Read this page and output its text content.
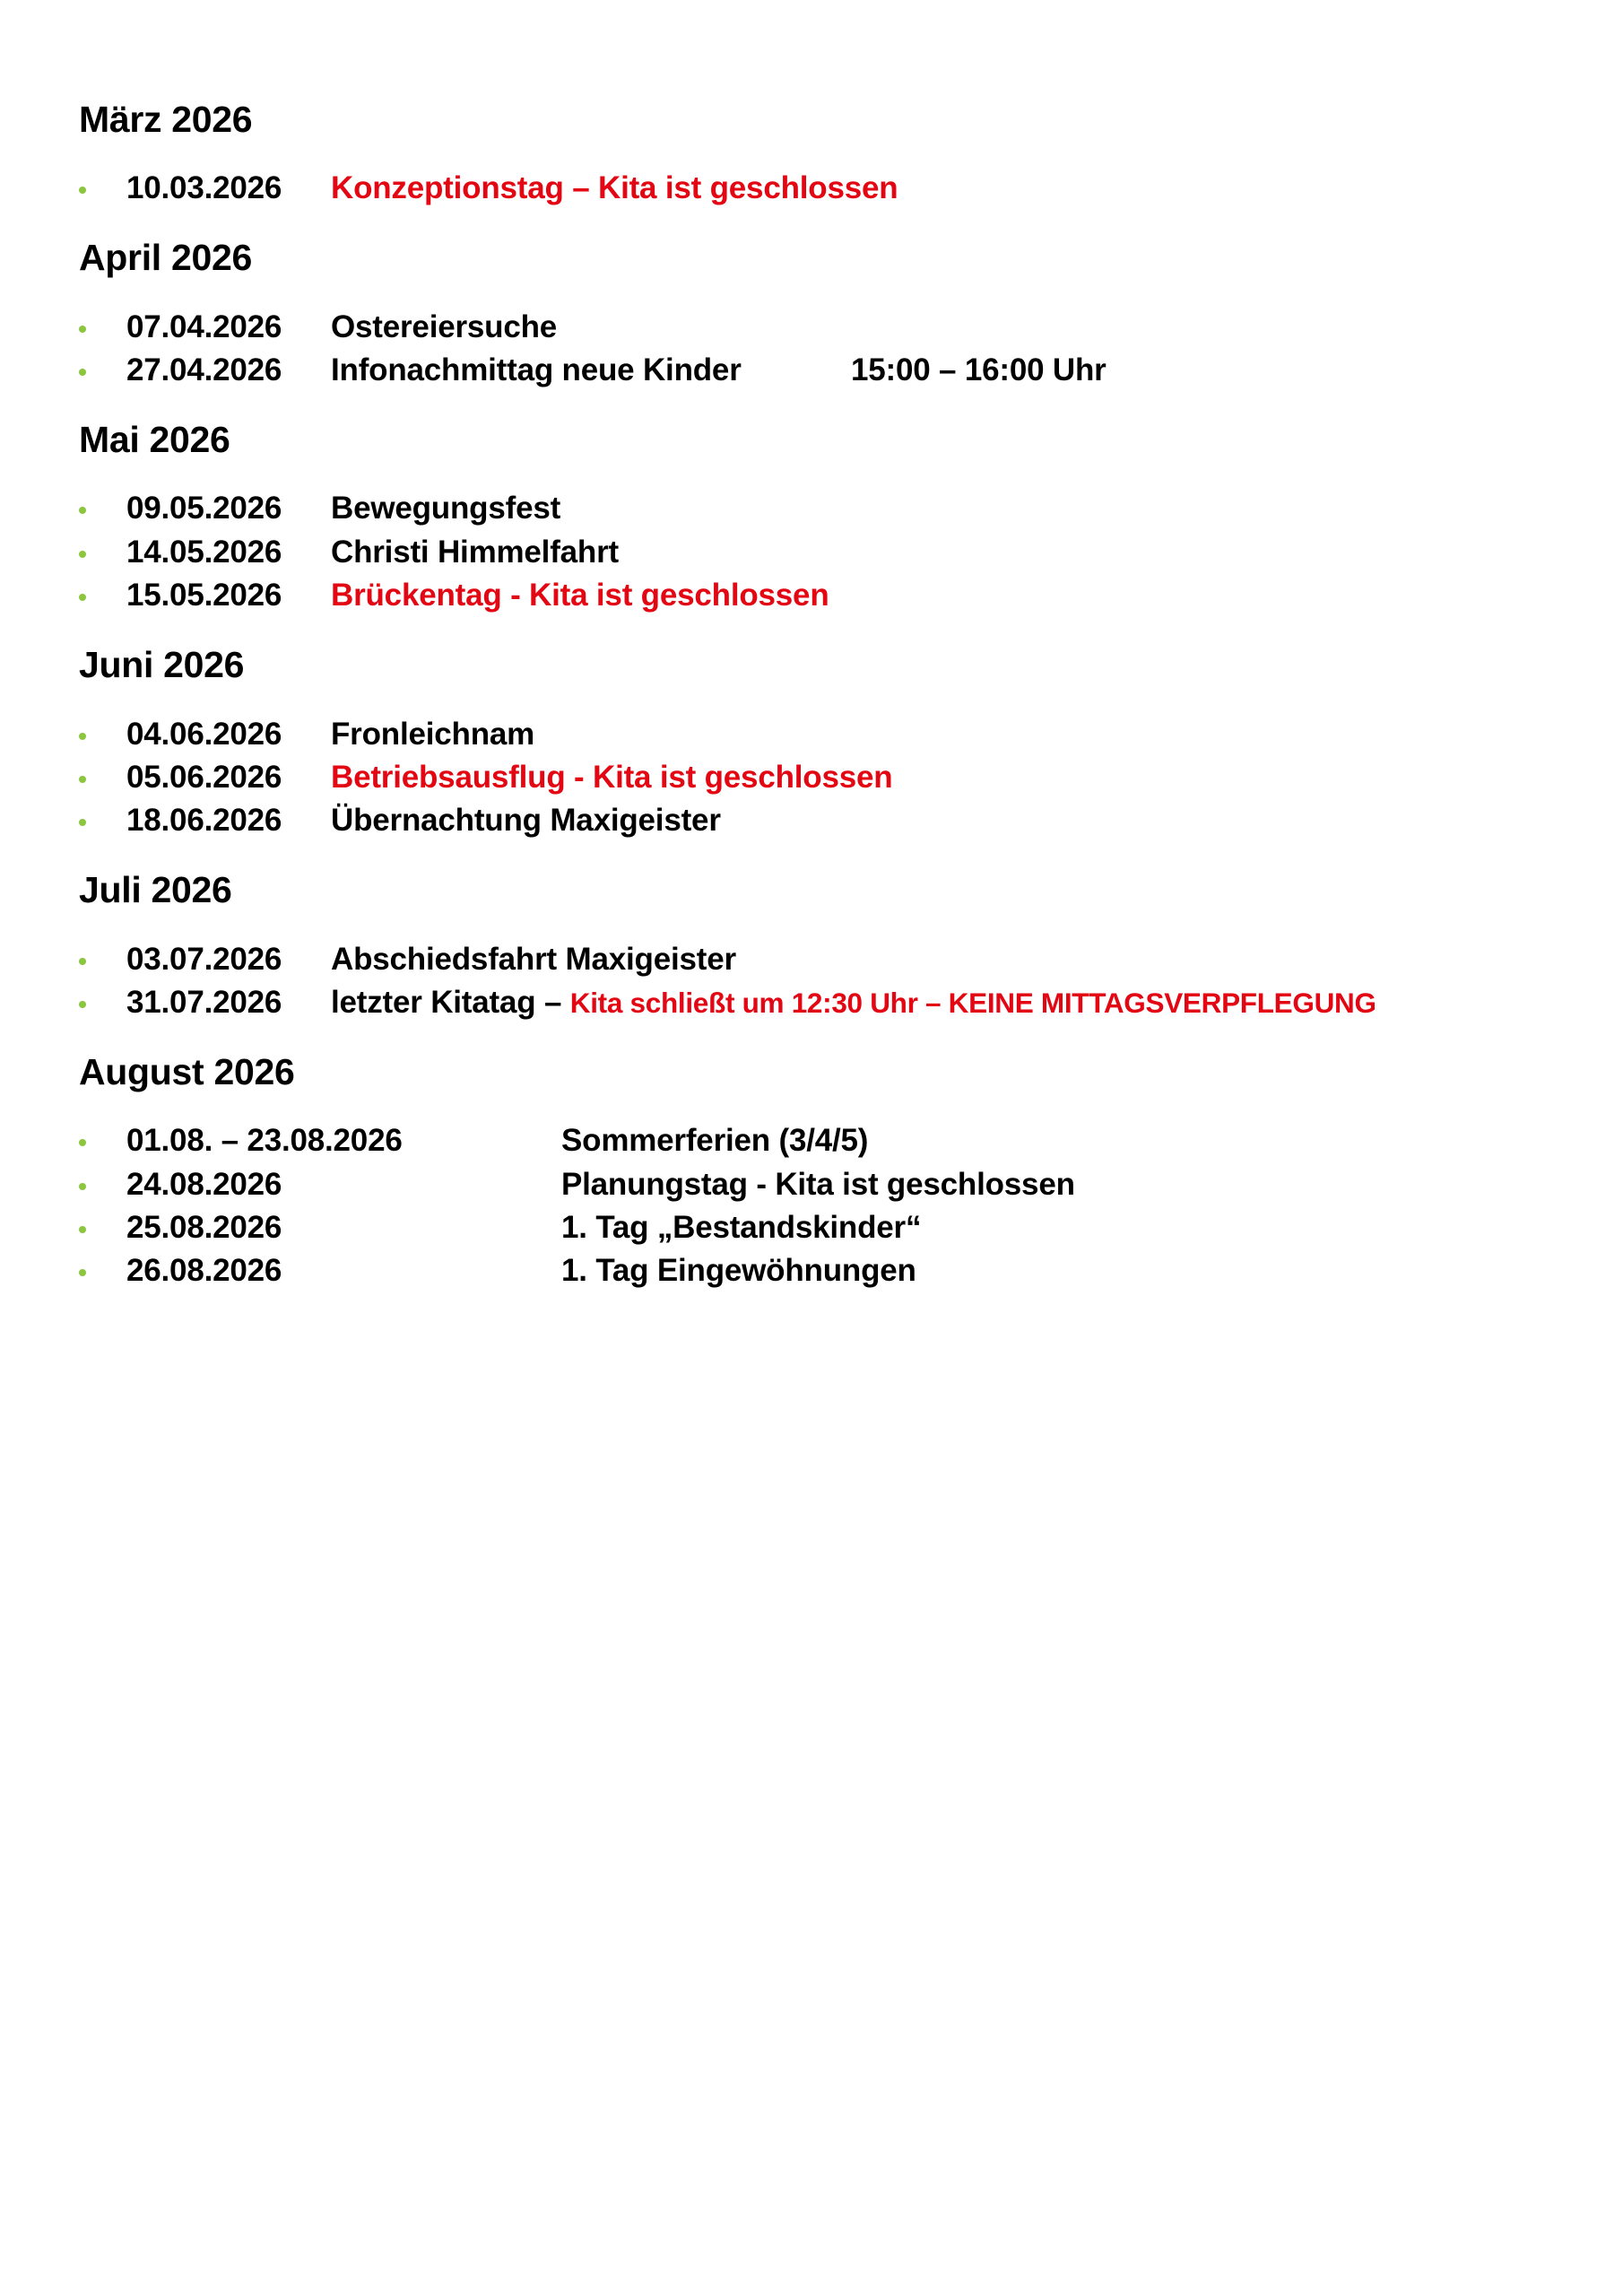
März 2026
10.03.2026 Konzeptionstag – Kita ist geschlossen
April 2026
07.04.2026 Ostereiersuche
27.04.2026 Infonachmittag neue Kinder	15:00 – 16:00 Uhr
Mai 2026
09.05.2026 Bewegungsfest
14.05.2026 Christi Himmelfahrt
15.05.2026 Brückentag - Kita ist geschlossen
Juni 2026
04.06.2026 Fronleichnam
05.06.2026 Betriebsausflug - Kita ist geschlossen
18.06.2026 Übernachtung Maxigeister
Juli 2026
03.07.2026 Abschiedsfahrt Maxigeister
31.07.2026 letzter Kitatag – Kita schließt um 12:30 Uhr – KEINE MITTAGSVERPFLEGUNG
August 2026
01.08. – 23.08.2026	Sommerferien (3/4/5)
24.08.2026	Planungstag - Kita ist geschlossen
25.08.2026	1. Tag „Bestandskinder“
26.08.2026	1. Tag Eingewöhnungen
